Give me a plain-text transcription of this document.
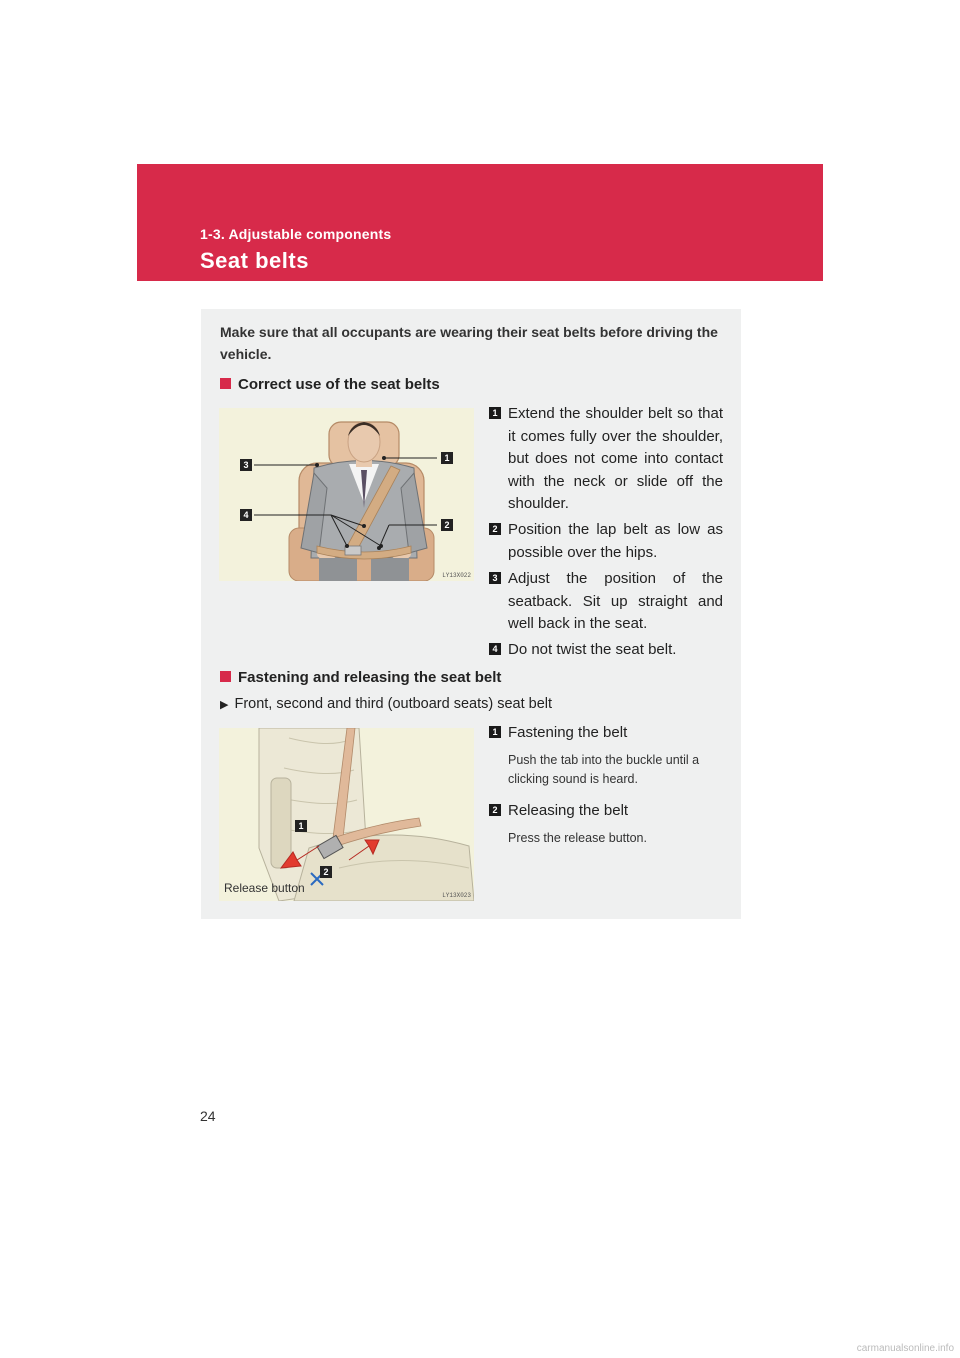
1-3. Adjustable components
Seat belts
Make sure that all occupants are wearing their seat belts before driving the vehicle.
Correct use of the seat belts
3
4
1
2
LY13X022
1 Extend the shoulder belt so that it comes fully over the shoulder, but does not come into contact with the neck or slide off the shoulder.
2 Position the lap belt as low as possible over the hips.
3 Adjust the position of the seatback. Sit up straight and well back in the seat.
4 Do not twist the seat belt.
Fastening and releasing the seat belt
▶ Front, second and third (outboard seats) seat belt
1
2
Release button
LY13X023
1 Fastening the belt
Push the tab into the buckle until a clicking sound is heard.
2 Releasing the belt
Press the release button.
24
carmanualsonline.info
